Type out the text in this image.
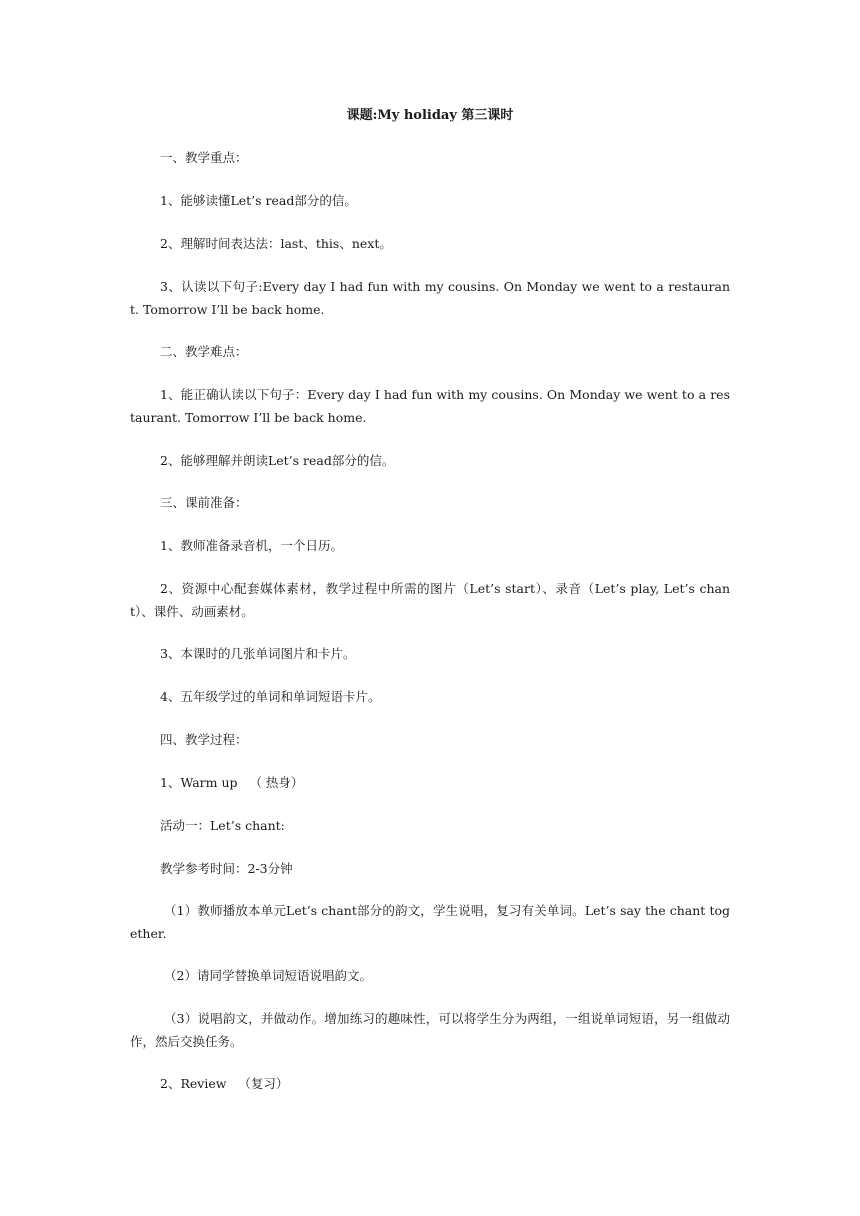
课题:My holiday 第三课时

一、教学重点：

1、能够读懂Let’s read部分的信。

2、理解时间表达法：last、this、next。

3、认读以下句子:Every day I had fun with my cousins. On Monday we went to a restaurant. Tomorrow I’ll be back home.

二、教学难点：

1、能正确认读以下句子：Every day I had fun with my cousins. On Monday we went to a restaurant. Tomorrow I’ll be back home.

2、能够理解并朗读Let’s read部分的信。

三、课前准备：

1、教师准备录音机，一个日历。

2、资源中心配套媒体素材，教学过程中所需的图片（Let’s start）、录音（Let’s play, Let’s chant）、课件、动画素材。

3、本课时的几张单词图片和卡片。

4、五年级学过的单词和单词短语卡片。

四、教学过程：

1、Warm up   （ 热身）

活动一：Let’s chant:

教学参考时间：2-3分钟

（1）教师播放本单元Let’s chant部分的韵文，学生说唱，复习有关单词。Let’s say the chant together.

（2）请同学替换单词短语说唱韵文。

（3）说唱韵文，并做动作。增加练习的趣味性，可以将学生分为两组，一组说单词短语，另一组做动作，然后交换任务。

2、Review   （复习）
